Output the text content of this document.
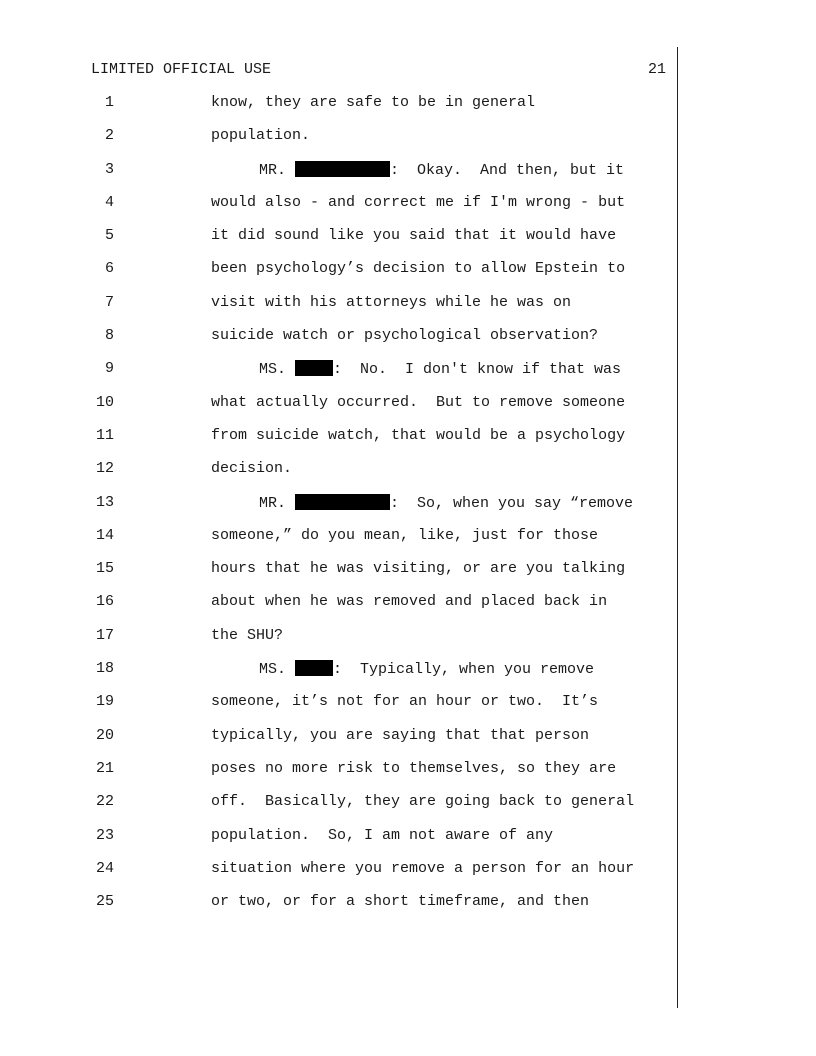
LIMITED OFFICIAL USE	21
1	know, they are safe to be in general
2	population.
3	MR.	:  Okay.  And then, but it
4	would also - and correct me if I'm wrong - but
5	it did sound like you said that it would have
6	been psychology’s decision to allow Epstein to
7	visit with his attorneys while he was on
8	suicide watch or psychological observation?
9	MS.	:  No.  I don't know if that was
10	what actually occurred.  But to remove someone
11	from suicide watch, that would be a psychology
12	decision.
13	MR.	:  So, when you say “remove
14	someone,” do you mean, like, just for those
15	hours that he was visiting, or are you talking
16	about when he was removed and placed back in
17	the SHU?
18	MS.	:  Typically, when you remove
19	someone, it’s not for an hour or two.  It’s
20	typically, you are saying that that person
21	poses no more risk to themselves, so they are
22	off.  Basically, they are going back to general
23	population.  So, I am not aware of any
24	situation where you remove a person for an hour
25	or two, or for a short timeframe, and then
